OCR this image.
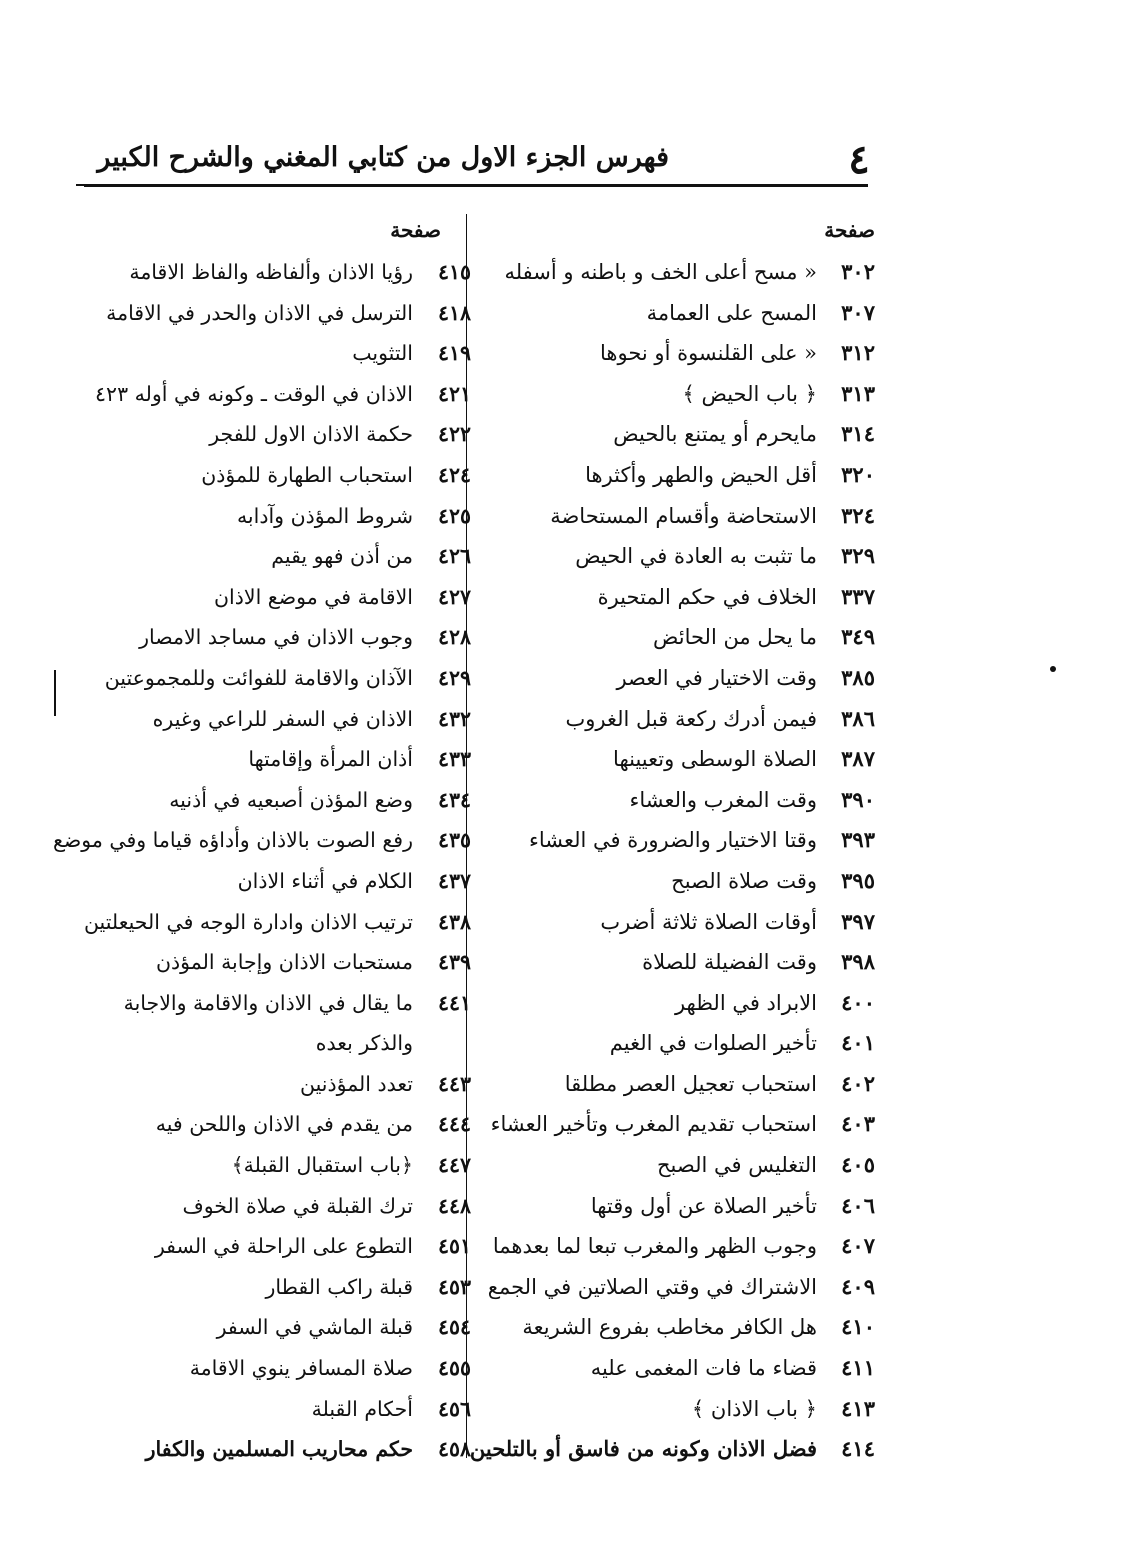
٤
فهرس الجزء الاول من كتابي المغني والشرح الكبير
صفحة
صفحة
٣٠٢
« مسح أعلى الخف و باطنه و أسفله
٣٠٧
المسح على العمامة
٣١٢
« على القلنسوة أو نحوها
٣١٣
﴿ باب الحيض ﴾
٣١٤
مايحرم أو يمتنع بالحيض
٣٢٠
أقل الحيض والطهر وأكثرها
٣٢٤
الاستحاضة وأقسام المستحاضة
٣٢٩
ما تثبت به العادة في الحيض
٣٣٧
الخلاف في حكم المتحيرة
٣٤٩
ما يحل من الحائض
٣٨٥
وقت الاختيار في العصر
٣٨٦
فيمن أدرك ركعة قبل الغروب
٣٨٧
الصلاة الوسطى وتعيينها
٣٩٠
وقت المغرب والعشاء
٣٩٣
وقتا الاختيار والضرورة في العشاء
٣٩٥
وقت صلاة الصبح
٣٩٧
أوقات الصلاة ثلاثة أضرب
٣٩٨
وقت الفضيلة للصلاة
٤٠٠
الابراد في الظهر
٤٠١
تأخير الصلوات في الغيم
٤٠٢
استحباب تعجيل العصر مطلقا
٤٠٣
استحباب تقديم المغرب وتأخير العشاء
٤٠٥
التغليس في الصبح
٤٠٦
تأخير الصلاة عن أول وقتها
٤٠٧
وجوب الظهر والمغرب تبعا لما بعدهما
٤٠٩
الاشتراك في وقتي الصلاتين في الجمع
٤١٠
هل الكافر مخاطب بفروع الشريعة
٤١١
قضاء ما فات المغمى عليه
٤١٣
﴿ باب الاذان ﴾
٤١٤
فضل الاذان وكونه من فاسق أو بالتلحين
٤١٥
رؤيا الاذان وألفاظه والفاظ الاقامة
٤١٨
الترسل في الاذان والحدر في الاقامة
٤١٩
التثويب
٤٢١
الاذان في الوقت ـ وكونه في أوله ٤٢٣
٤٢٢
حكمة الاذان الاول للفجر
٤٢٤
استحباب الطهارة للمؤذن
٤٢٥
شروط المؤذن وآدابه
٤٢٦
من أذن فهو يقيم
٤٢٧
الاقامة في موضع الاذان
٤٢٨
وجوب الاذان في مساجد الامصار
٤٢٩
الآذان والاقامة للفوائت وللمجموعتين
٤٣٢
الاذان في السفر للراعي وغيره
٤٣٣
أذان المرأة وإقامتها
٤٣٤
وضع المؤذن أصبعيه في أذنيه
٤٣٥
رفع الصوت بالاذان وأداؤه قياما وفي موضع
٤٣٧
الكلام في أثناء الاذان
٤٣٨
ترتيب الاذان وادارة الوجه في الحيعلتين
٤٣٩
مستحبات الاذان وإجابة المؤذن
٤٤١
ما يقال في الاذان والاقامة والاجابة
والذكر بعده
٤٤٣
تعدد المؤذنين
٤٤٤
من يقدم في الاذان واللحن فيه
٤٤٧
﴿باب استقبال القبلة﴾
٤٤٨
ترك القبلة في صلاة الخوف
٤٥١
التطوع على الراحلة في السفر
٤٥٣
قبلة راكب القطار
٤٥٤
قبلة الماشي في السفر
٤٥٥
صلاة المسافر ينوي الاقامة
٤٥٦
أحكام القبلة
٤٥٨
حكم محاريب المسلمين والكفار
